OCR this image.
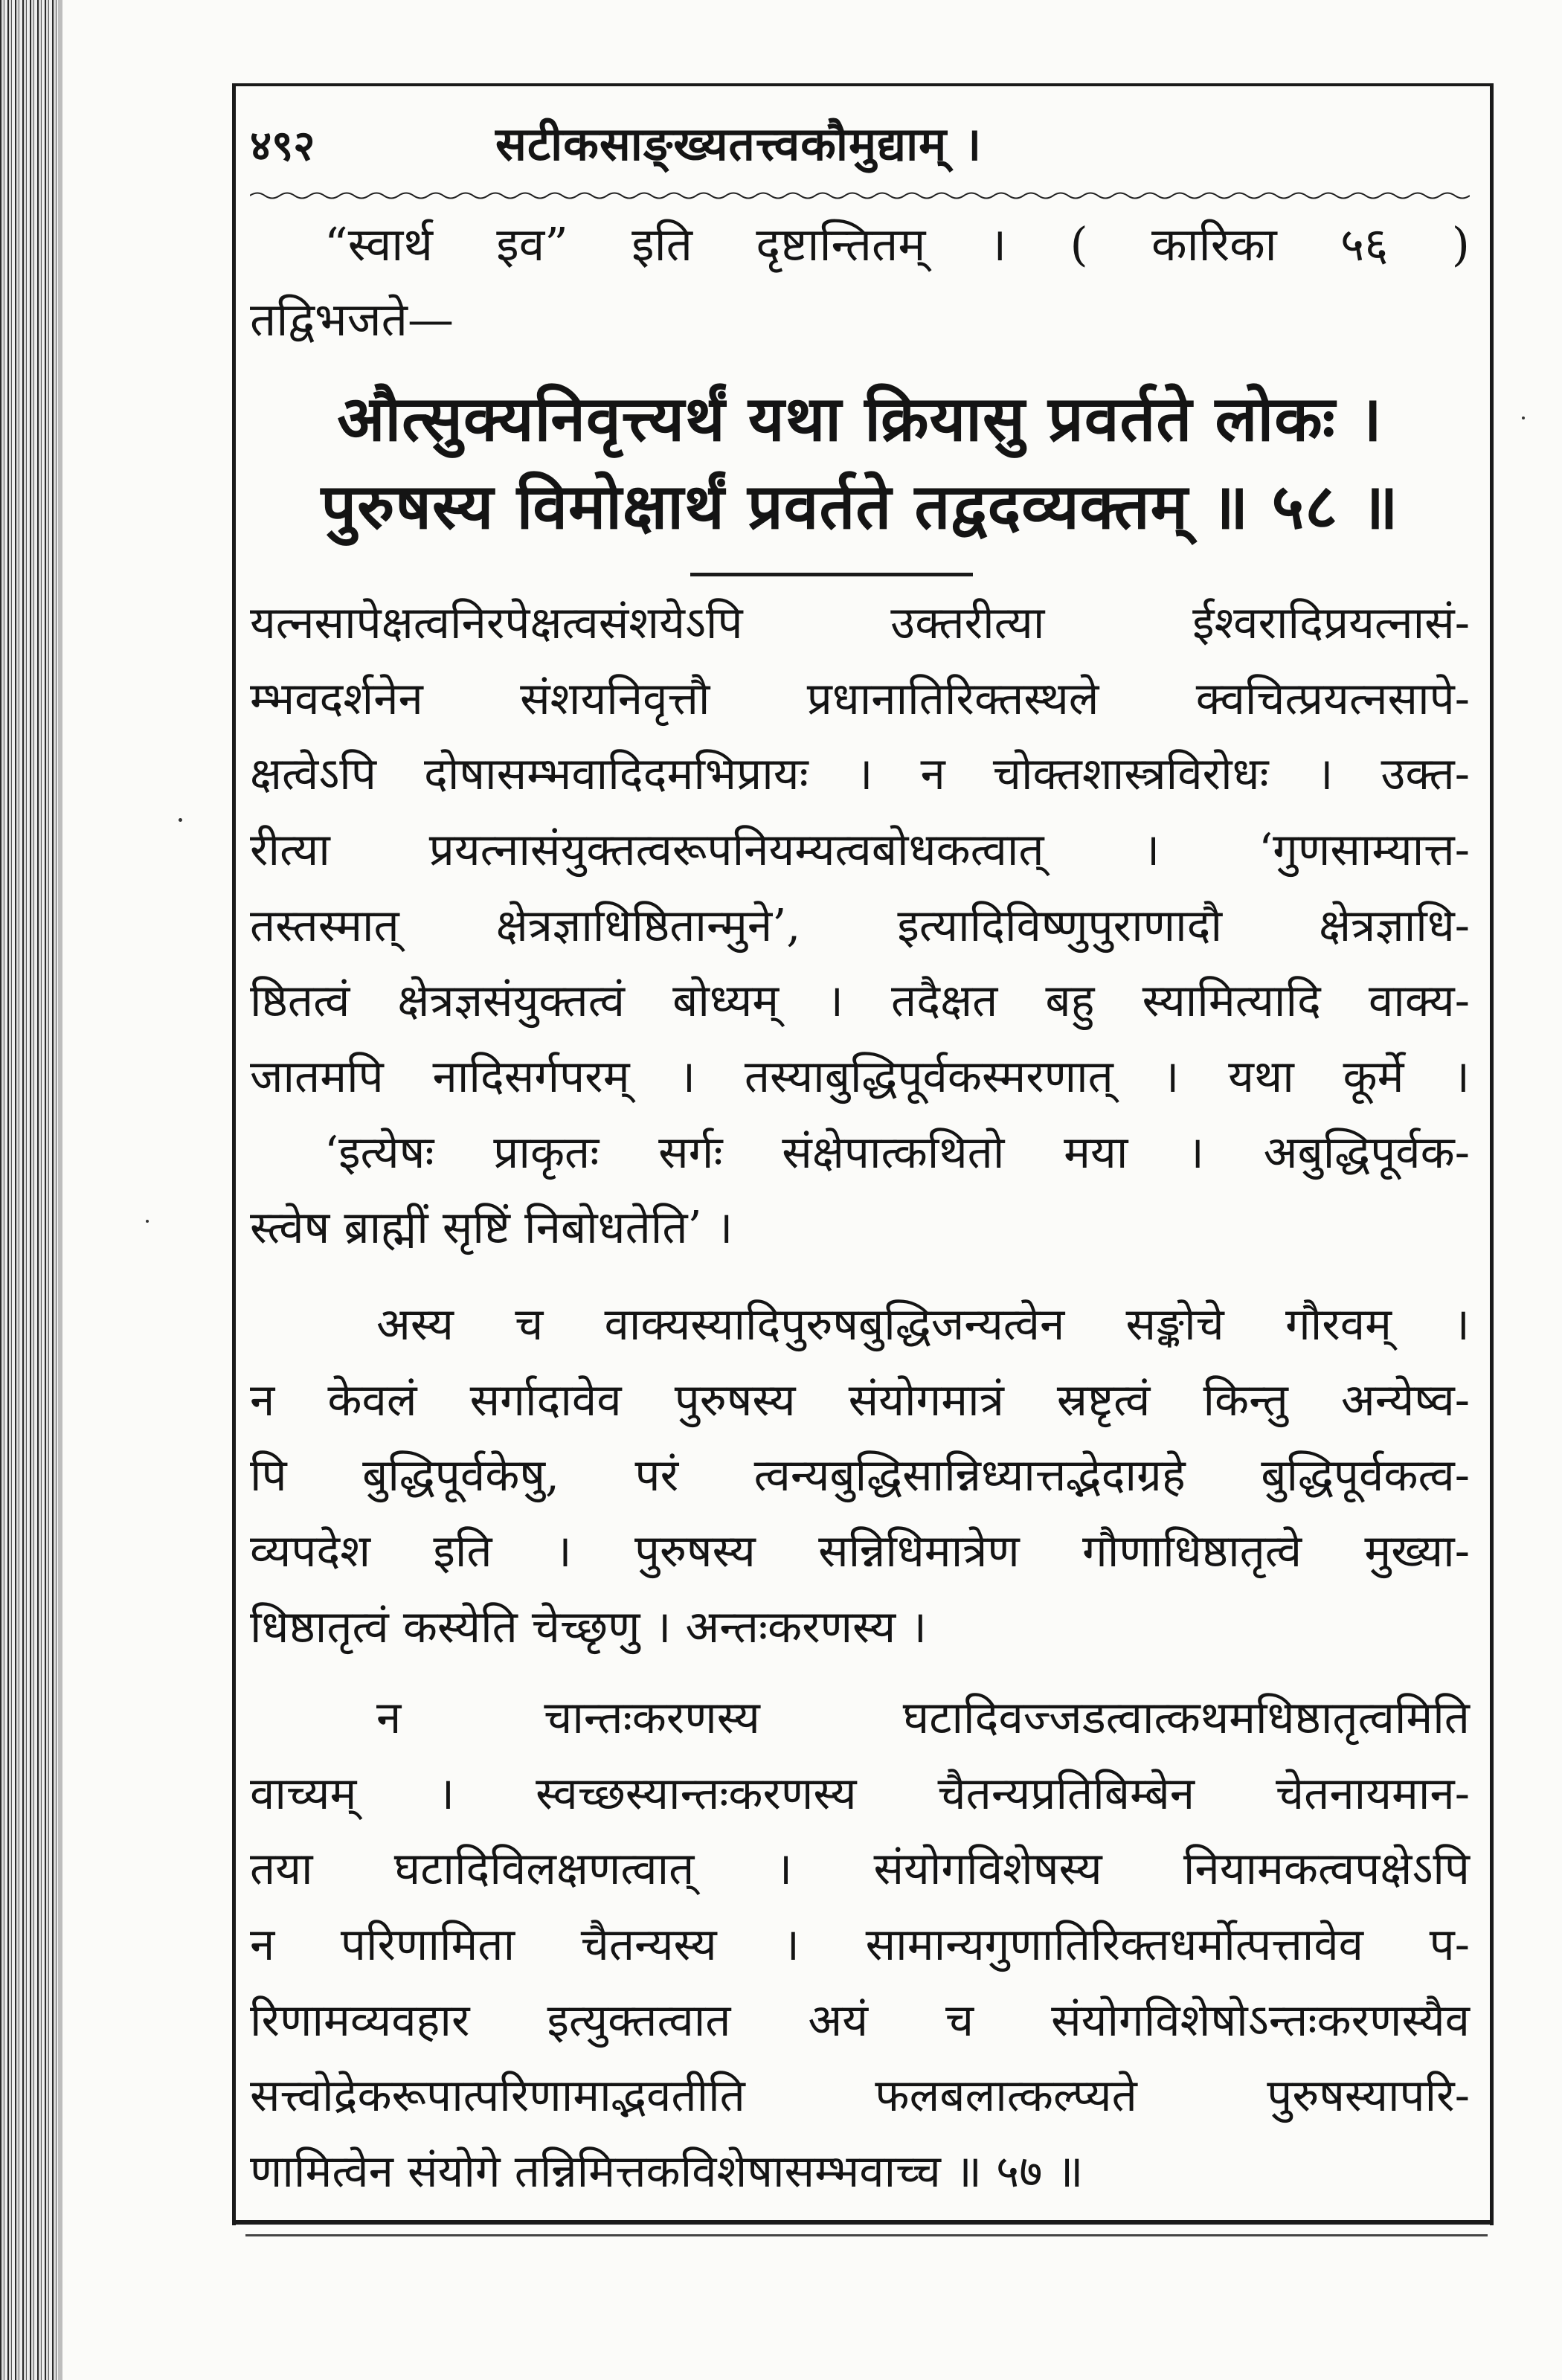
४९२	सटीकसाङ्ख्यतत्त्वकौमुद्याम् ।
“स्वार्थ इव” इति दृष्टान्तितम् । ( कारिका ५६ )
तद्विभजते—
औत्सुक्यनिवृत्त्यर्थं यथा क्रियासु प्रवर्तते लोकः ।
पुरुषस्य विमोक्षार्थं प्रवर्तते तद्वदव्यक्तम् ॥ ५८ ॥
यत्नसापेक्षत्वनिरपेक्षत्वसंशयेऽपि उक्तरीत्या ईश्वरादिप्रयत्नासं-
म्भवदर्शनेन संशयनिवृत्तौ प्रधानातिरिक्तस्थले क्वचित्प्रयत्नसापे-
क्षत्वेऽपि दोषासम्भवादिदमभिप्रायः । न चोक्तशास्त्रविरोधः । उक्त-
रीत्या प्रयत्नासंयुक्तत्वरूपनियम्यत्वबोधकत्वात् । ‘गुणसाम्यात्त-
तस्तस्मात् क्षेत्रज्ञाधिष्ठितान्मुने’, इत्यादिविष्णुपुराणादौ क्षेत्रज्ञाधि-
ष्ठितत्वं क्षेत्रज्ञसंयुक्तत्वं बोध्यम् । तदैक्षत बहु स्यामित्यादि वाक्य-
जातमपि नादिसर्गपरम् । तस्याबुद्धिपूर्वकस्मरणात् । यथा कूर्मे ।
‘इत्येषः प्राकृतः सर्गः संक्षेपात्कथितो मया । अबुद्धिपूर्वक-
स्त्वेष ब्राह्मीं सृष्टिं निबोधतेति’ ।
अस्य च वाक्यस्यादिपुरुषबुद्धिजन्यत्वेन सङ्कोचे गौरवम् ।
न केवलं सर्गादावेव पुरुषस्य संयोगमात्रं स्रष्टृत्वं किन्तु अन्येष्व-
पि बुद्धिपूर्वकेषु, परं त्वन्यबुद्धिसान्निध्यात्तद्भेदाग्रहे बुद्धिपूर्वकत्व-
व्यपदेश इति । पुरुषस्य सन्निधिमात्रेण गौणाधिष्ठातृत्वे मुख्या-
धिष्ठातृत्वं कस्येति चेच्छृणु । अन्तःकरणस्य ।
न चान्तःकरणस्य घटादिवज्जडत्वात्कथमधिष्ठातृत्वमिति
वाच्यम् । स्वच्छस्यान्तःकरणस्य चैतन्यप्रतिबिम्बेन चेतनायमान-
तया घटादिविलक्षणत्वात् । संयोगविशेषस्य नियामकत्वपक्षेऽपि
न परिणामिता चैतन्यस्य । सामान्यगुणातिरिक्तधर्मोत्पत्तावेव प-
रिणामव्यवहार इत्युक्तत्वात अयं च संयोगविशेषोऽन्तःकरणस्यैव
सत्त्वोद्रेकरूपात्परिणामाद्भवतीति फलबलात्कल्प्यते पुरुषस्यापरि-
णामित्वेन संयोगे तन्निमित्तकविशेषासम्भवाच्च ॥ ५७ ॥
